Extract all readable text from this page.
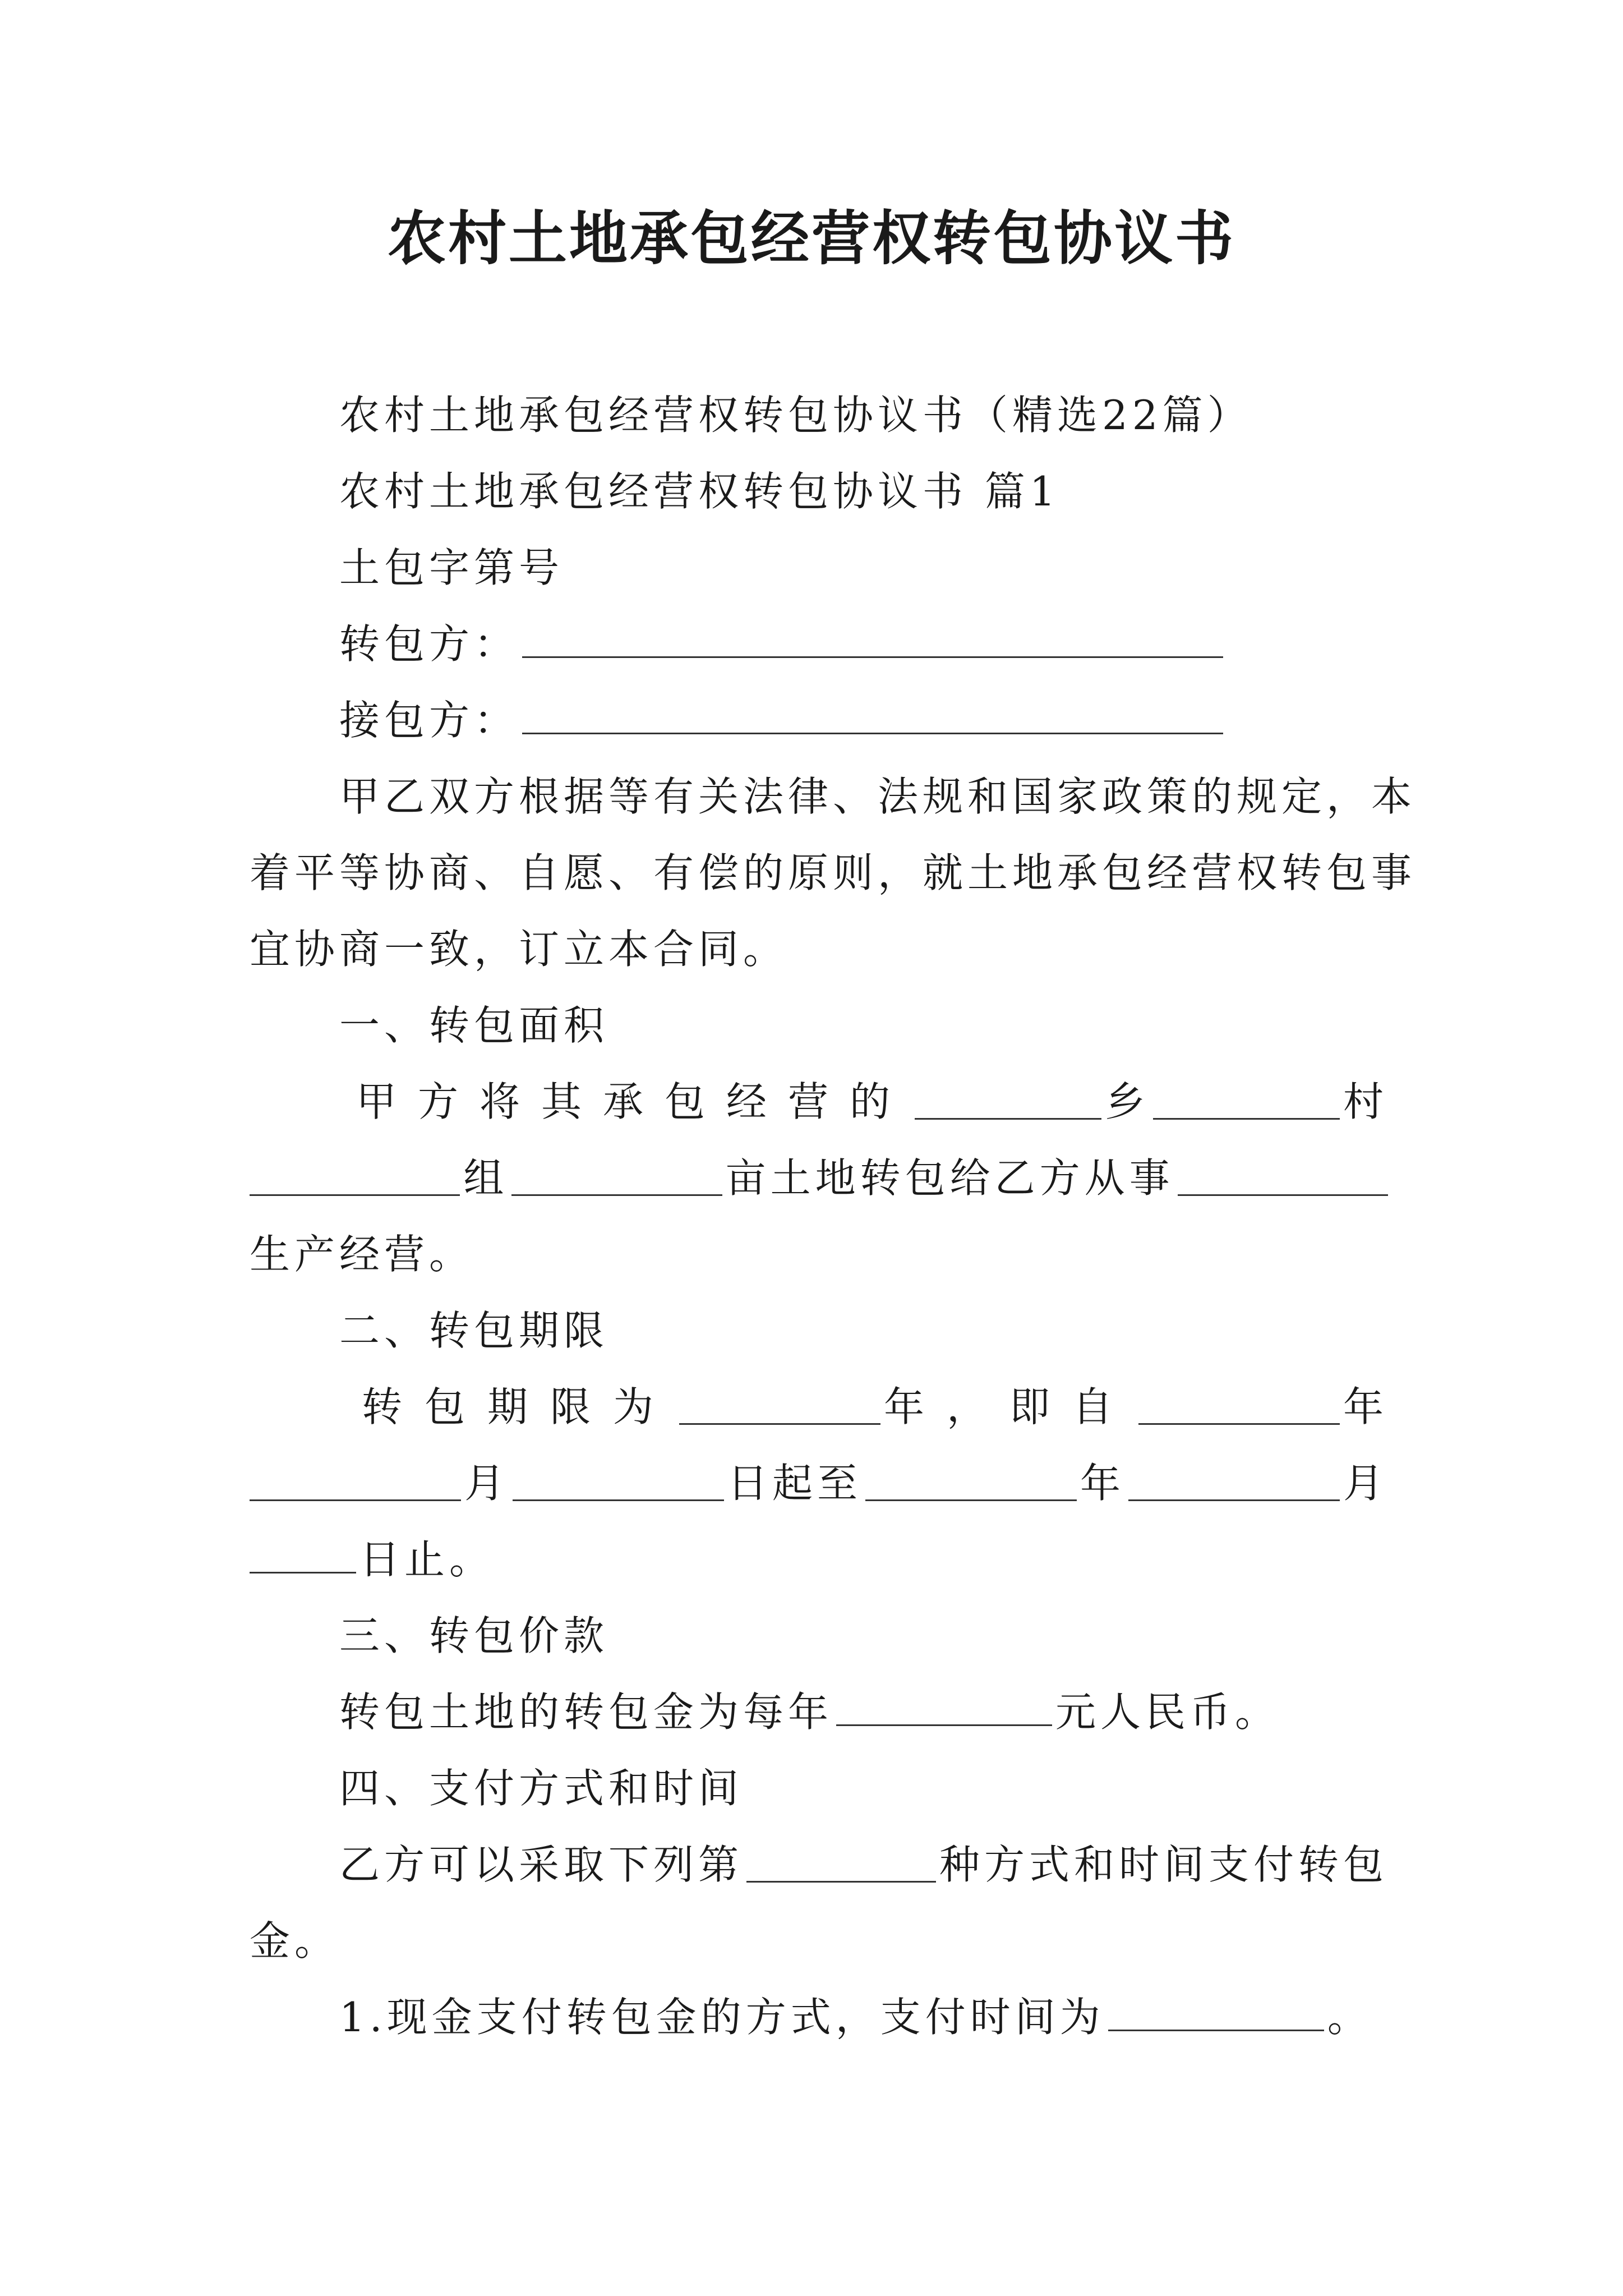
农村土地承包经营权转包协议书
农村土地承包经营权转包协议书（精选22篇）
农村土地承包经营权转包协议书 篇1
土包字第号
转包方：
接包方：
甲乙双方根据等有关法律、法规和国家政策的规定，本
着平等协商、自愿、有偿的原则，就土地承包经营权转包事
宜协商一致，订立本合同。
一、转包面积
甲方将其承包经营的	乡	村
组	亩土地转包给乙方从事
生产经营。
二、转包期限
转包期限为	年，即自	年
月	日起至	年	月
日止。
三、转包价款
转包土地的转包金为每年	元人民币。
四、支付方式和时间
乙方可以采取下列第	种方式和时间支付转包
金。
1.现金支付转包金的方式，支付时间为	。
